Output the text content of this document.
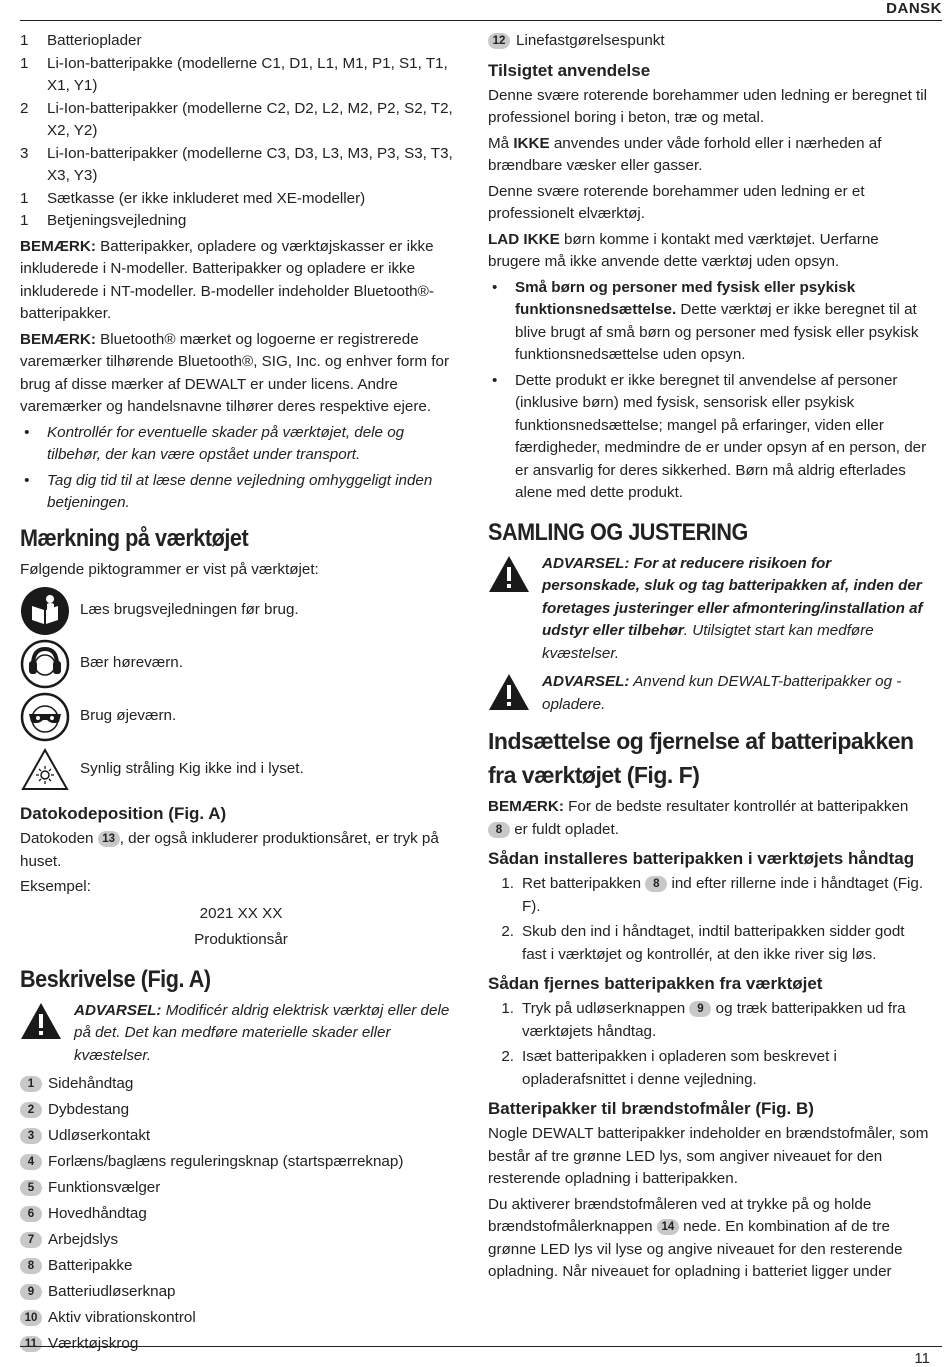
DANSK
1	Batterioplader
1	Li-Ion-batteripakke (modellerne C1, D1, L1, M1, P1, S1, T1, X1, Y1)
2	Li-Ion-batteripakker (modellerne C2, D2, L2, M2, P2, S2, T2, X2, Y2)
3	Li-Ion-batteripakker (modellerne C3, D3, L3, M3, P3, S3, T3, X3, Y3)
1	Sætkasse (er ikke inkluderet med XE-modeller)
1	Betjeningsvejledning

BEMÆRK: Batteripakker, opladere og værktøjskasser er ikke inkluderede i N-modeller. Batteripakker og opladere er ikke inkluderede i NT-modeller. B-modeller indeholder Bluetooth®-batteripakker.

BEMÆRK: Bluetooth® mærket og logoerne er registrerede varemærker tilhørende Bluetooth®, SIG, Inc. og enhver form for brug af disse mærker af DEWALT er under licens. Andre varemærker og handelsnavne tilhører deres respektive ejere.

• Kontrollér for eventuelle skader på værktøjet, dele og tilbehør, der kan være opstået under transport.
• Tag dig tid til at læse denne vejledning omhyggeligt inden betjeningen.
Mærkning på værktøjet

Følgende piktogrammer er vist på værktøjet:

Læs brugsvejledningen før brug.
Bær høreværn.
Brug øjeværn.
Synlig stråling Kig ikke ind i lyset.
Datokodeposition (Fig. A)

Datokoden 13 , der også inkluderer produktionsåret, er tryk på huset.

Eksempel:

2021 XX XX

Produktionsår

Beskrivelse (Fig. A)
ADVARSEL: Modificér aldrig elektrisk værktøj eller dele på det. Det kan medføre materielle skader eller kvæstelser.
1 Sidehåndtag
2 Dybdestang
3 Udløserkontakt
4 Forlæns/baglæns reguleringsknap (startspærreknap)
5 Funktionsvælger
6 Hovedhåndtag
7 Arbejdslys
8 Batteripakke
9 Batteriudløserknap
10 Aktiv vibrationskontrol
11 Værktøjskrog
12 Linefastgørelsespunkt
Tilsigtet anvendelse

Denne svære roterende borehammer uden ledning er beregnet til professionel boring i beton, træ og metal.

Må IKKE anvendes under våde forhold eller i nærheden af brændbare væsker eller gasser.

Denne svære roterende borehammer uden ledning er et professionelt elværktøj.

LAD IKKE børn komme i kontakt med værktøjet. Uerfarne brugere må ikke anvende dette værktøj uden opsyn.

• Små børn og personer med fysisk eller psykisk funktionsnedsættelse. Dette værktøj er ikke beregnet til at blive brugt af små børn og personer med fysisk eller psykisk funktionsnedsættelse uden opsyn.
• Dette produkt er ikke beregnet til anvendelse af personer (inklusive børn) med fysisk, sensorisk eller psykisk funktionsnedsættelse; mangel på erfaringer, viden eller færdigheder, medmindre de er under opsyn af en person, der er ansvarlig for deres sikkerhed. Børn må aldrig efterlades alene med dette produkt.
SAMLING OG JUSTERING
ADVARSEL: For at reducere risikoen for personskade, sluk og tag batteripakken af, inden der foretages justeringer eller afmontering/installation af udstyr eller tilbehør. Utilsigtet start kan medføre kvæstelser.
ADVARSEL: Anvend kun DEWALT-batteripakker og -opladere.
Indsættelse og fjernelse af batteripakken fra værktøjet (Fig. F)

BEMÆRK: For de bedste resultater kontrollér at batteripakken 8 er fuldt opladet.

Sådan installeres batteripakken i værktøjets håndtag
1. Ret batteripakken 8 ind efter rillerne inde i håndtaget (Fig. F).
2. Skub den ind i håndtaget, indtil batteripakken sidder godt fast i værktøjet og kontrollér, at den ikke river sig løs.
Sådan fjernes batteripakken fra værktøjet
1. Tryk på udløserknappen 9 og træk batteripakken ud fra værktøjets håndtag.
2. Isæt batteripakken i opladeren som beskrevet i opladerafsnittet i denne vejledning.
Batteripakker til brændstofmåler (Fig. B)

Nogle DEWALT batteripakker indeholder en brændstofmåler, som består af tre grønne LED lys, som angiver niveauet for den resterende opladning i batteripakken.

Du aktiverer brændstofmåleren ved at trykke på og holde brændstofmålerknappen 14 nede. En kombination af de tre grønne LED lys vil lyse og angive niveauet for den resterende opladning. Når niveauet for opladning i batteriet ligger under

11
